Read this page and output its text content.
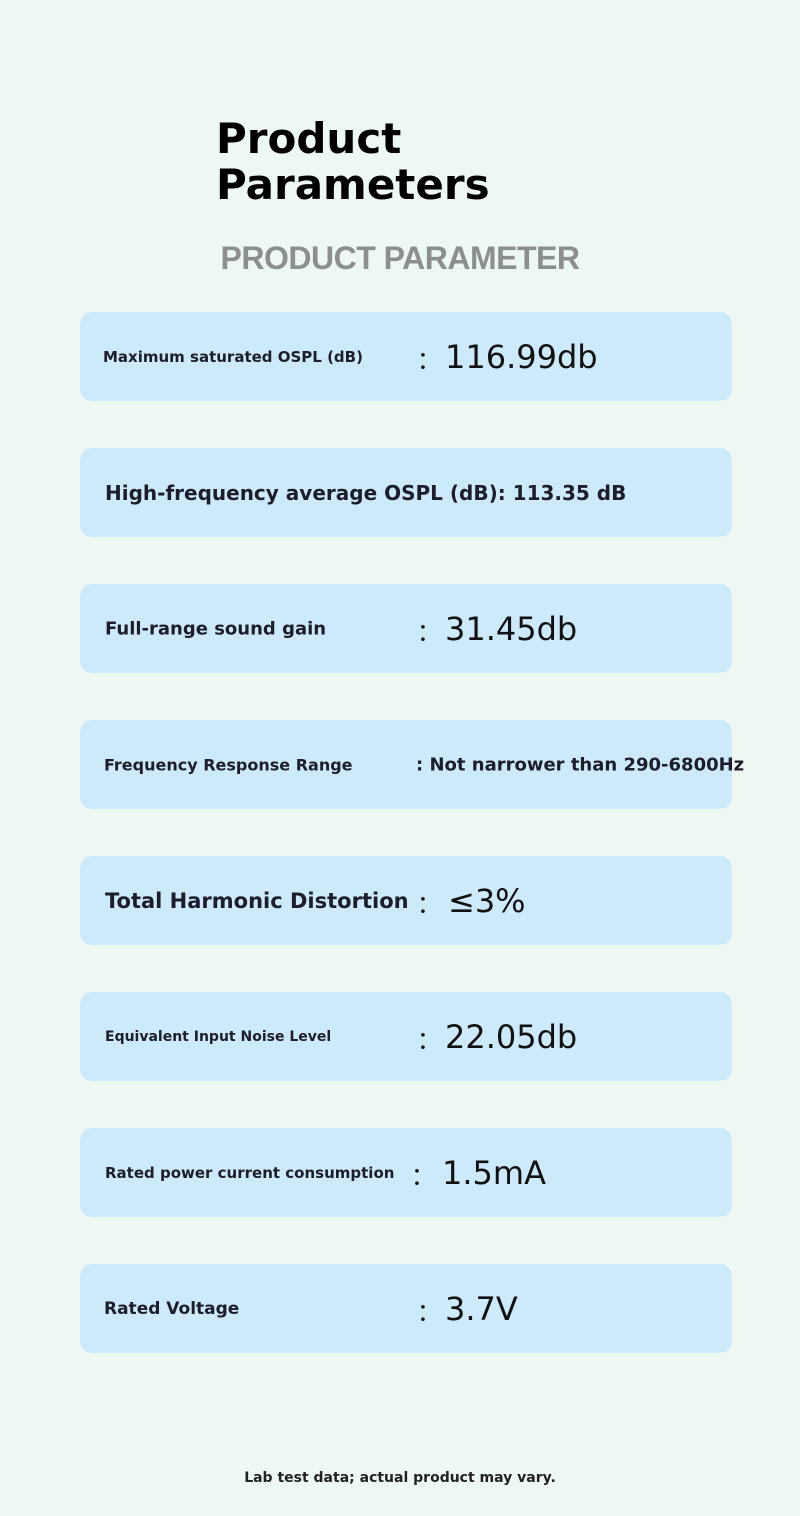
Product
Parameters
PRODUCT PARAMETER
Maximum saturated OSPL (dB) ： 116.99db
High-frequency average OSPL (dB): 113.35 dB
Full-range sound gain	： 31.45db
Frequency Response Range	: Not narrower than 290-6800Hz
Total Harmonic Distortion ： ≤3%
Equivalent Input Noise Level	： 22.05db
Rated power current consumption ： 1.5mA
Rated Voltage	： 3.7V

Lab test data; actual product may vary.
